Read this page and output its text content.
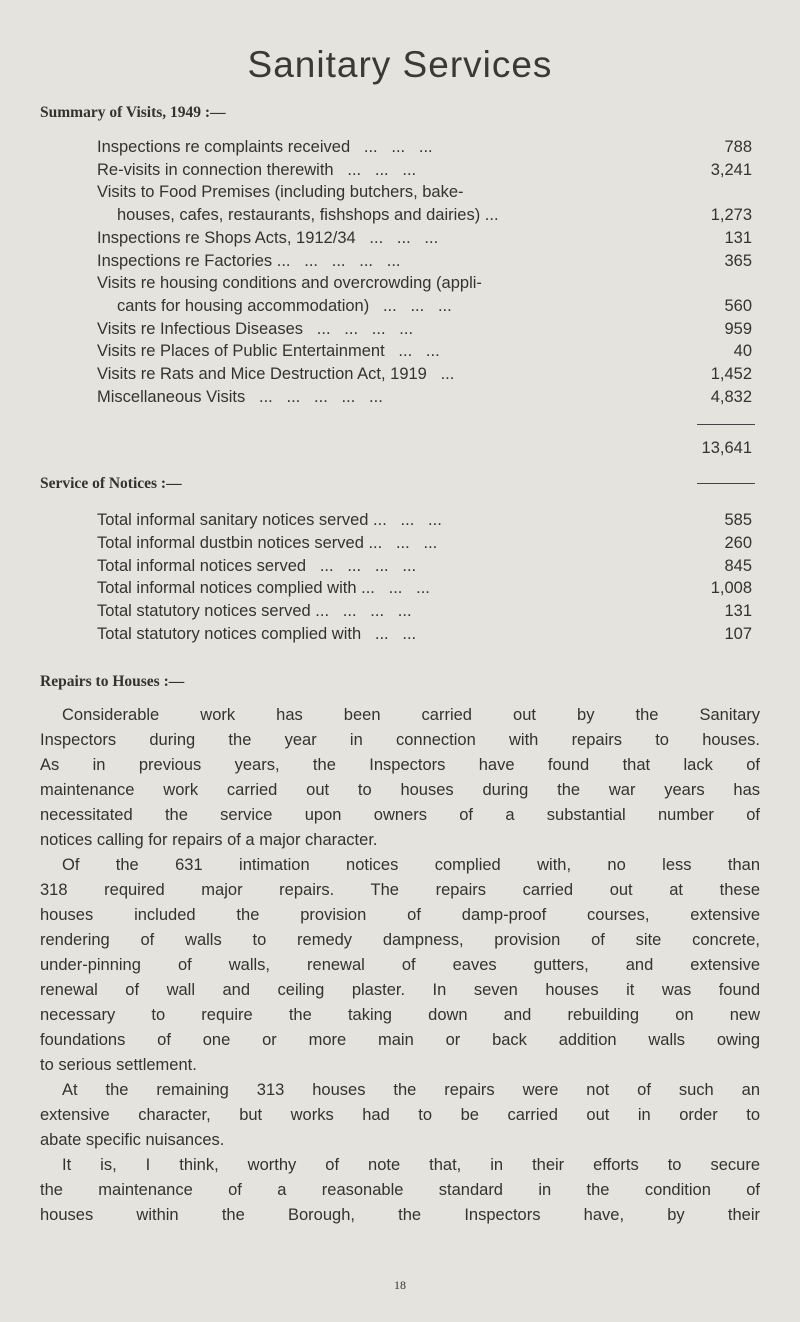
Sanitary Services
Summary of Visits, 1949 :—
Inspections re complaints received   ...   ...   ...	788
Re-visits in connection therewith   ...   ...   ...	3,241
Visits to Food Premises (including butchers, bake-
houses, cafes, restaurants, fishshops and dairies) ...	1,273
Inspections re Shops Acts, 1912/34   ...   ...   ...	131
Inspections re Factories ...   ...   ...   ...   ...	365
Visits re housing conditions and overcrowding (appli-
cants for housing accommodation)   ...   ...   ...	560
Visits re Infectious Diseases   ...   ...   ...   ...	959
Visits re Places of Public Entertainment   ...   ...	40
Visits re Rats and Mice Destruction Act, 1919   ...	1,452
Miscellaneous Visits   ...   ...   ...   ...   ...	4,832
13,641
Service of Notices :—
Total informal sanitary notices served ...   ...   ...	585
Total informal dustbin notices served ...   ...   ...	260
Total informal notices served   ...   ...   ...   ...	845
Total informal notices complied with ...   ...   ...	1,008
Total statutory notices served ...   ...   ...   ...	131
Total statutory notices complied with   ...   ...	107
Repairs to Houses :—
Considerable work has been carried out by the Sanitary
Inspectors during the year in connection with repairs to houses.
As in previous years, the Inspectors have found that lack of
maintenance work carried out to houses during the war years has
necessitated the service upon owners of a substantial number of
notices calling for repairs of a major character.
Of the 631 intimation notices complied with, no less than
318 required major repairs. The repairs carried out at these
houses included the provision of damp-proof courses, extensive
rendering of walls to remedy dampness, provision of site concrete,
under-pinning of walls, renewal of eaves gutters, and extensive
renewal of wall and ceiling plaster. In seven houses it was found
necessary to require the taking down and rebuilding on new
foundations of one or more main or back addition walls owing
to serious settlement.
At the remaining 313 houses the repairs were not of such an
extensive character, but works had to be carried out in order to
abate specific nuisances.
It is, I think, worthy of note that, in their efforts to secure
the maintenance of a reasonable standard in the condition of
houses within the Borough, the Inspectors have, by their
18
